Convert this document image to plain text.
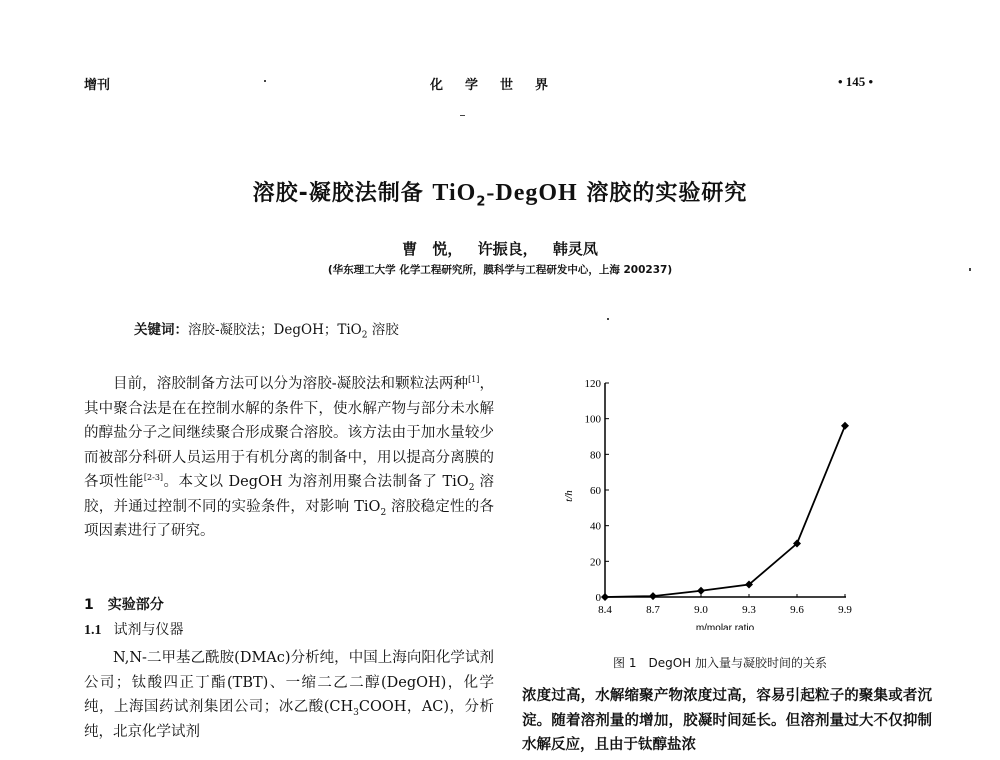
增刊	化学世界	• 145 •
溶胶-凝胶法制备 TiO$_2$-DegOH 溶胶的实验研究
曹 悦， 许振良， 韩灵凤
(华东理工大学 化学工程研究所，膜科学与工程研发中心，上海 200237)
关键词：溶胶-凝胶法；DegOH；TiO$_2$ 溶胶
目前，溶胶制备方法可以分为溶胶-凝胶法和颗粒法两种[1]，其中聚合法是在在控制水解的条件下，使水解产物与部分未水解的醇盐分子之间继续聚合形成聚合溶胶。该方法由于加水量较少而被部分科研人员运用于有机分离的制备中，用以提高分离膜的各项性能[2-3]。本文以 DegOH 为溶剂用聚合法制备了 TiO$_2$ 溶胶，并通过控制不同的实验条件，对影响 TiO$_2$ 溶胶稳定性的各项因素进行了研究。
1　实验部分
1.1 试剂与仪器
N,N-二甲基乙酰胺(DMAc)分析纯，中国上海向阳化学试剂公司；钛酸四正丁酯(TBT)、一缩二乙二醇(DegOH)，化学纯，上海国药试剂集团公司；冰乙酸($CH_3COOH$，AC)，分析纯，北京化学试剂
0
20
40
60
80
100
120
8.4	8.7	9.0	9.3	9.6	9.9
t/h
m/molar ratio
图 1 DegOH 加入量与凝胶时间的关系
浓度过高，水解缩聚产物浓度过高，容易引起粒子的聚集或者沉淀。随着溶剂量的增加，胶凝时间延长。但溶剂量过大不仅抑制水解反应，且由于钛醇盐浓
